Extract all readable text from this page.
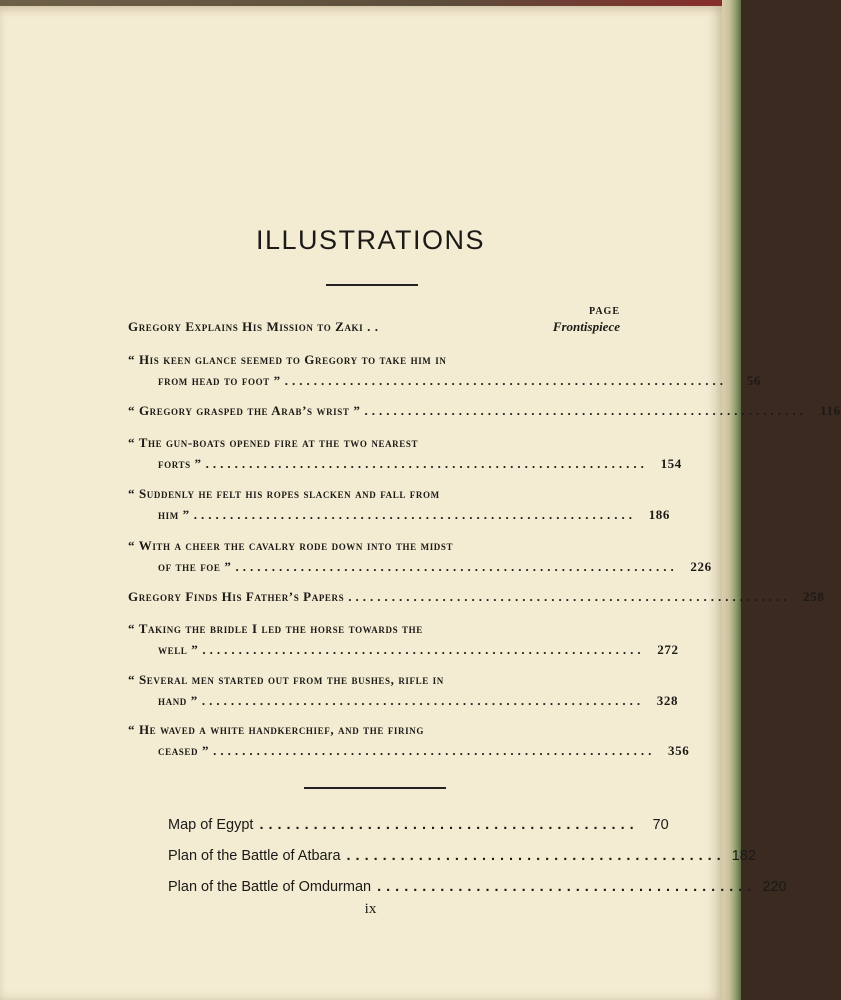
ILLUSTRATIONS
PAGE
Gregory Explains His Mission to Zaki . .	Frontispiece
“ His keen glance seemed to Gregory to take him in
from head to foot ” .............................................................	56
“ Gregory grasped the Arab’s wrist ” .............................................................	116
“ The gun-boats opened fire at the two nearest
forts ” ............................................................. 154
“ Suddenly he felt his ropes slacken and fall from
him ” ............................................................. 186
“ With a cheer the cavalry rode down into the midst
of the foe ” ............................................................. 226
Gregory Finds His Father’s Papers ............................................................. 258
“ Taking the bridle I led the horse towards the
well ” ............................................................. 272
“ Several men started out from the bushes, rifle in
hand ” ............................................................. 328
“ He waved a white handkerchief, and the firing
ceased ” ............................................................. 356
Map of Egypt .......................................... 70
Plan of the Battle of Atbara .......................................... 182
Plan of the Battle of Omdurman .......................................... 220
ix
